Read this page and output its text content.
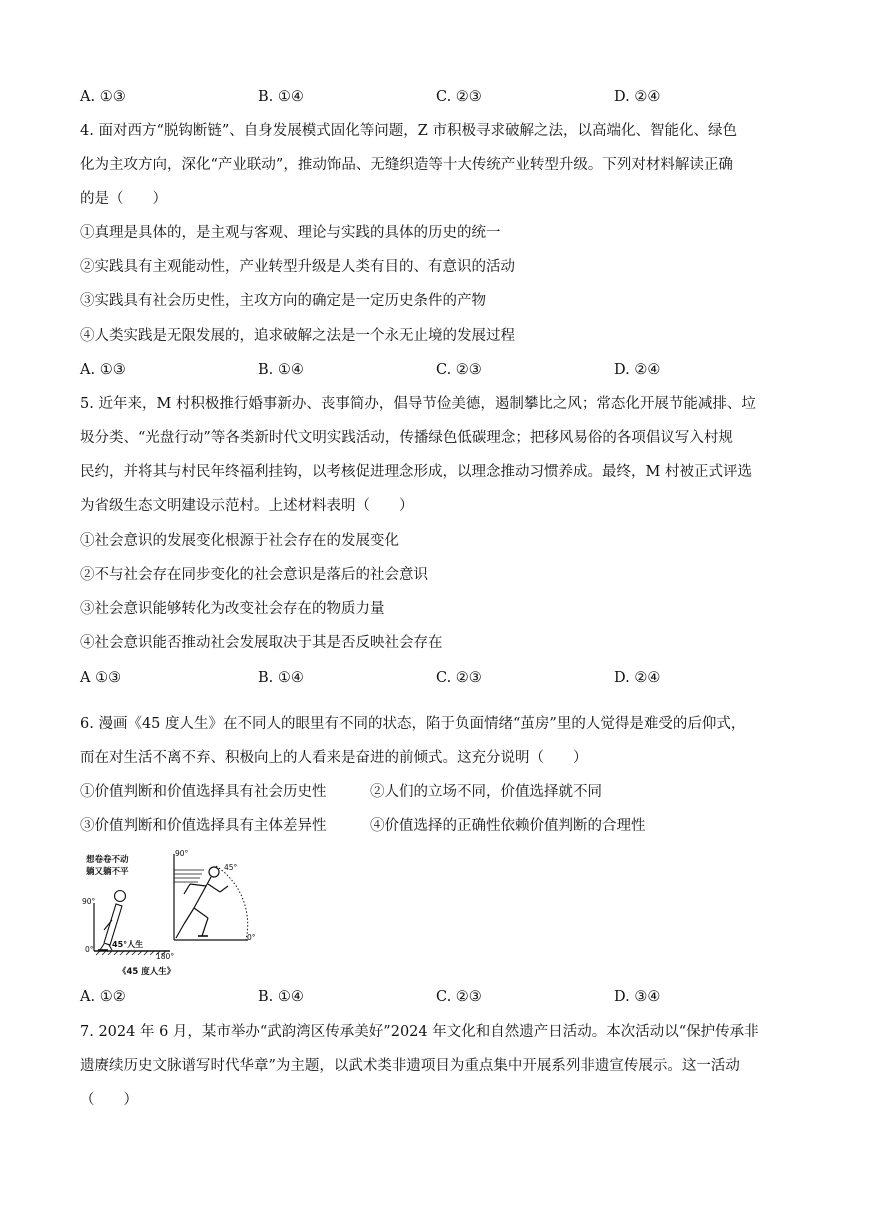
A. ①③	B. ①④	C. ②③	D. ②④
4. 面对西方“脱钩断链”、自身发展模式固化等问题，Z 市积极寻求破解之法，以高端化、智能化、绿色
化为主攻方向，深化“产业联动”，推动饰品、无缝织造等十大传统产业转型升级。下列对材料解读正确
的是（　　）
①真理是具体的，是主观与客观、理论与实践的具体的历史的统一
②实践具有主观能动性，产业转型升级是人类有目的、有意识的活动
③实践具有社会历史性，主攻方向的确定是一定历史条件的产物
④人类实践是无限发展的，追求破解之法是一个永无止境的发展过程
A. ①③	B. ①④	C. ②③	D. ②④
5. 近年来，M 村积极推行婚事新办、丧事简办，倡导节俭美德，遏制攀比之风；常态化开展节能减排、垃
圾分类、“光盘行动”等各类新时代文明实践活动，传播绿色低碳理念；把移风易俗的各项倡议写入村规
民约，并将其与村民年终福利挂钩，以考核促进理念形成，以理念推动习惯养成。最终，M 村被正式评选
为省级生态文明建设示范村。上述材料表明（　　）
①社会意识的发展变化根源于社会存在的发展变化
②不与社会存在同步变化的社会意识是落后的社会意识
③社会意识能够转化为改变社会存在的物质力量
④社会意识能否推动社会发展取决于其是否反映社会存在
A ①③	B. ①④	C. ②③	D. ②④
6. 漫画《45 度人生》在不同人的眼里有不同的状态，陷于负面情绪“茧房”里的人觉得是难受的后仰式，
而在对生活不离不弃、积极向上的人看来是奋进的前倾式。这充分说明（　　）
①价值判断和价值选择具有社会历史性	②人们的立场不同，价值选择就不同
③价值判断和价值选择具有主体差异性	④价值选择的正确性依赖价值判断的合理性
想卷卷不动
躺又躺不平
90°
0°
180°
45°人生
90°
45°
0°
《45 度人生》
A. ①②	B. ①④	C. ②③	D. ③④
7. 2024 年 6 月，某市举办“武韵湾区传承美好”2024 年文化和自然遗产日活动。本次活动以“保护传承非
遗赓续历史文脉谱写时代华章”为主题，以武术类非遗项目为重点集中开展系列非遗宣传展示。这一活动
（　　）
